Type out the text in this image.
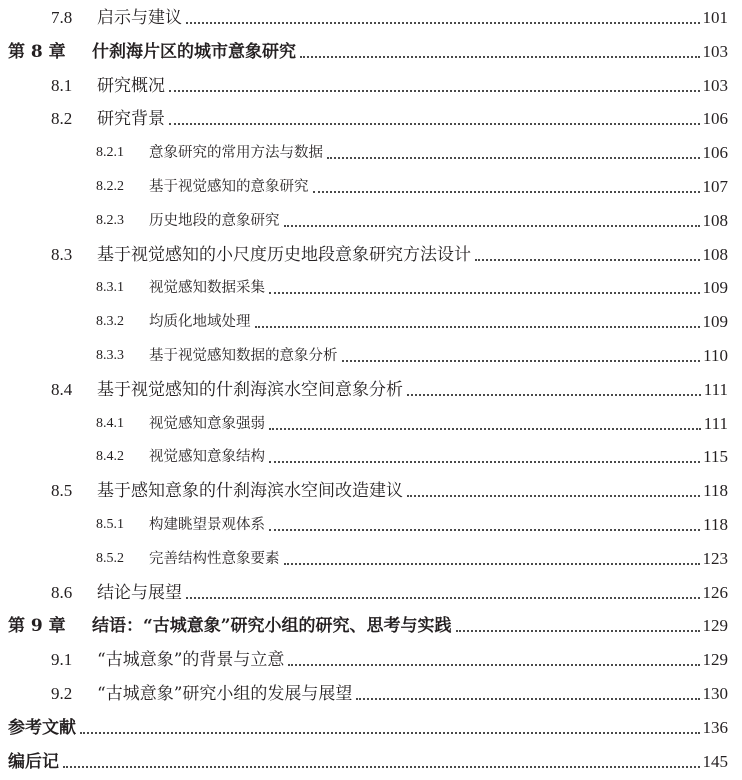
7.8 启示与建议	101
第 8 章 什刹海片区的城市意象研究	103
8.1 研究概况	103
8.2 研究背景	106
8.2.1 意象研究的常用方法与数据	106
8.2.2 基于视觉感知的意象研究	107
8.2.3 历史地段的意象研究	108
8.3 基于视觉感知的小尺度历史地段意象研究方法设计	108
8.3.1 视觉感知数据采集	109
8.3.2 均质化地域处理	109
8.3.3 基于视觉感知数据的意象分析	110
8.4 基于视觉感知的什刹海滨水空间意象分析	111
8.4.1 视觉感知意象强弱	111
8.4.2 视觉感知意象结构	115
8.5 基于感知意象的什刹海滨水空间改造建议	118
8.5.1 构建眺望景观体系	118
8.5.2 完善结构性意象要素	123
8.6 结论与展望	126
第 9 章 结语：“古城意象”研究小组的研究、思考与实践	129
9.1 “古城意象”的背景与立意	129
9.2 “古城意象”研究小组的发展与展望	130
参考文献	136
编后记	145
